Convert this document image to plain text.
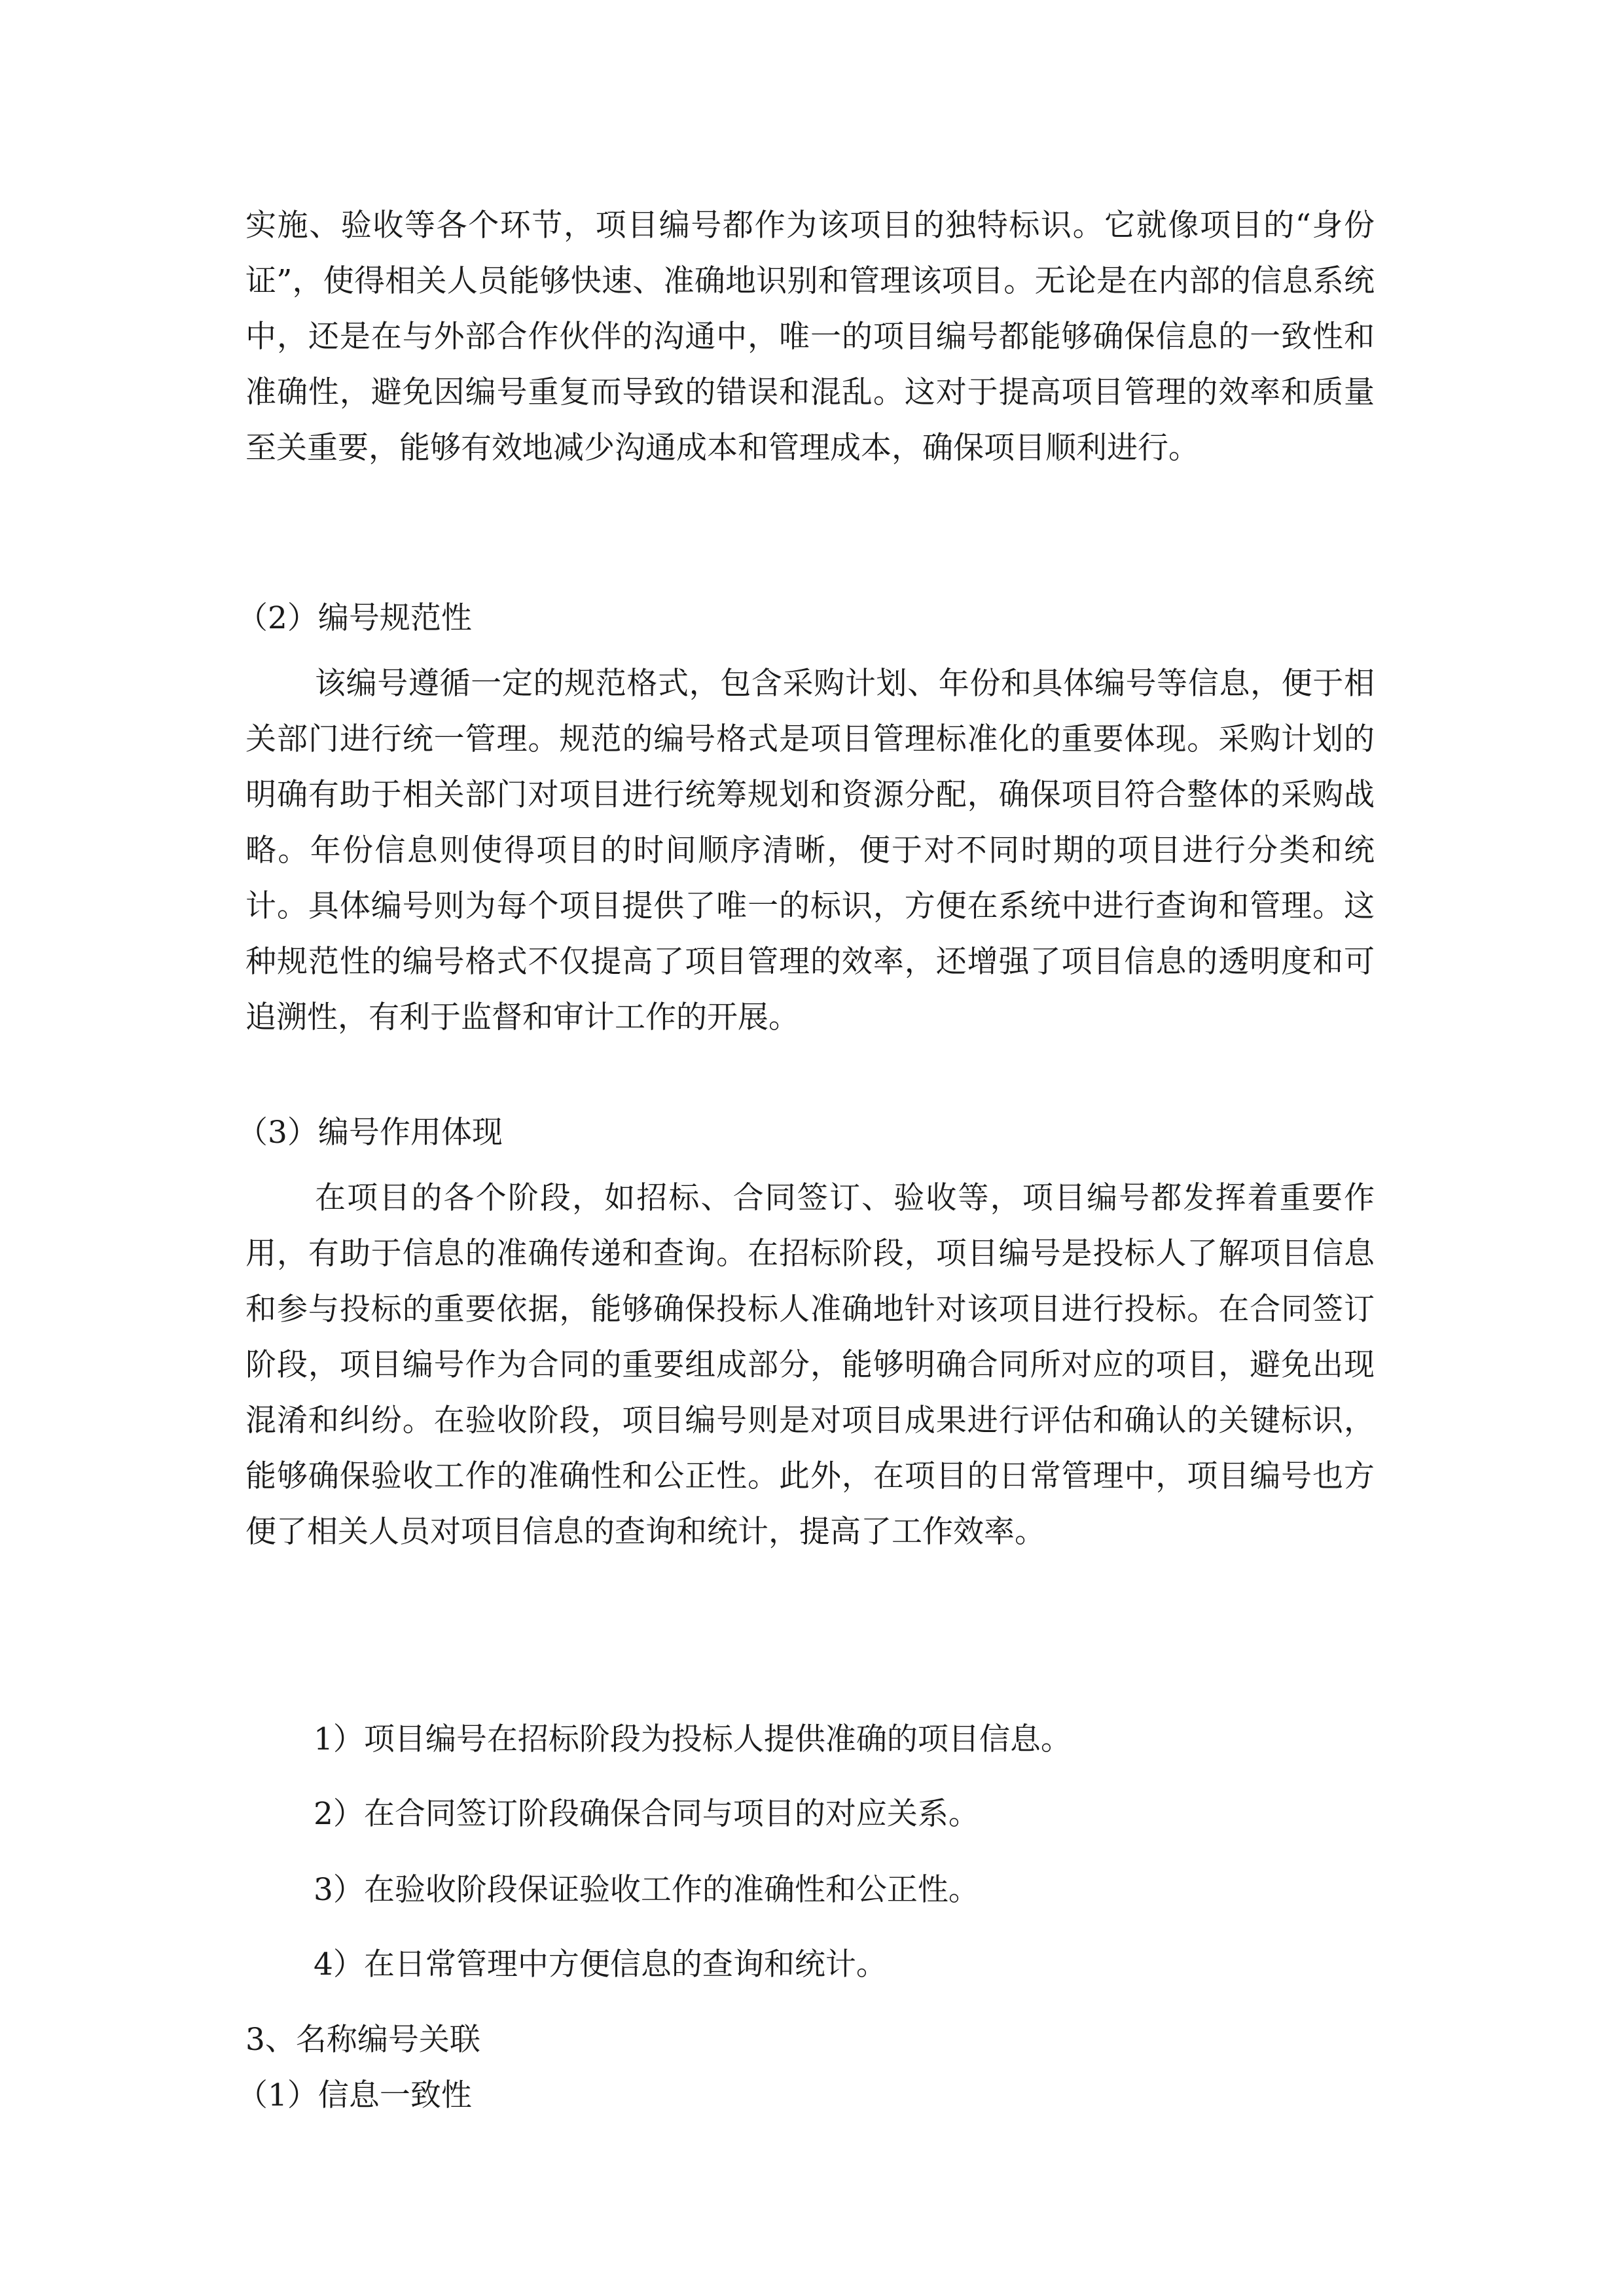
实施、验收等各个环节，项目编号都作为该项目的独特标识。它就像项目的“身份证”，使得相关人员能够快速、准确地识别和管理该项目。无论是在内部的信息系统中，还是在与外部合作伙伴的沟通中，唯一的项目编号都能够确保信息的一致性和准确性，避免因编号重复而导致的错误和混乱。这对于提高项目管理的效率和质量至关重要，能够有效地减少沟通成本和管理成本，确保项目顺利进行。

（2）编号规范性

该编号遵循一定的规范格式，包含采购计划、年份和具体编号等信息，便于相关部门进行统一管理。规范的编号格式是项目管理标准化的重要体现。采购计划的明确有助于相关部门对项目进行统筹规划和资源分配，确保项目符合整体的采购战略。年份信息则使得项目的时间顺序清晰，便于对不同时期的项目进行分类和统计。具体编号则为每个项目提供了唯一的标识，方便在系统中进行查询和管理。这种规范性的编号格式不仅提高了项目管理的效率，还增强了项目信息的透明度和可追溯性，有利于监督和审计工作的开展。

（3）编号作用体现

在项目的各个阶段，如招标、合同签订、验收等，项目编号都发挥着重要作用，有助于信息的准确传递和查询。在招标阶段，项目编号是投标人了解项目信息和参与投标的重要依据，能够确保投标人准确地针对该项目进行投标。在合同签订阶段，项目编号作为合同的重要组成部分，能够明确合同所对应的项目，避免出现混淆和纠纷。在验收阶段，项目编号则是对项目成果进行评估和确认的关键标识，能够确保验收工作的准确性和公正性。此外，在项目的日常管理中，项目编号也方便了相关人员对项目信息的查询和统计，提高了工作效率。

1）项目编号在招标阶段为投标人提供准确的项目信息。

2）在合同签订阶段确保合同与项目的对应关系。

3）在验收阶段保证验收工作的准确性和公正性。

4）在日常管理中方便信息的查询和统计。

3、名称编号关联

（1）信息一致性
